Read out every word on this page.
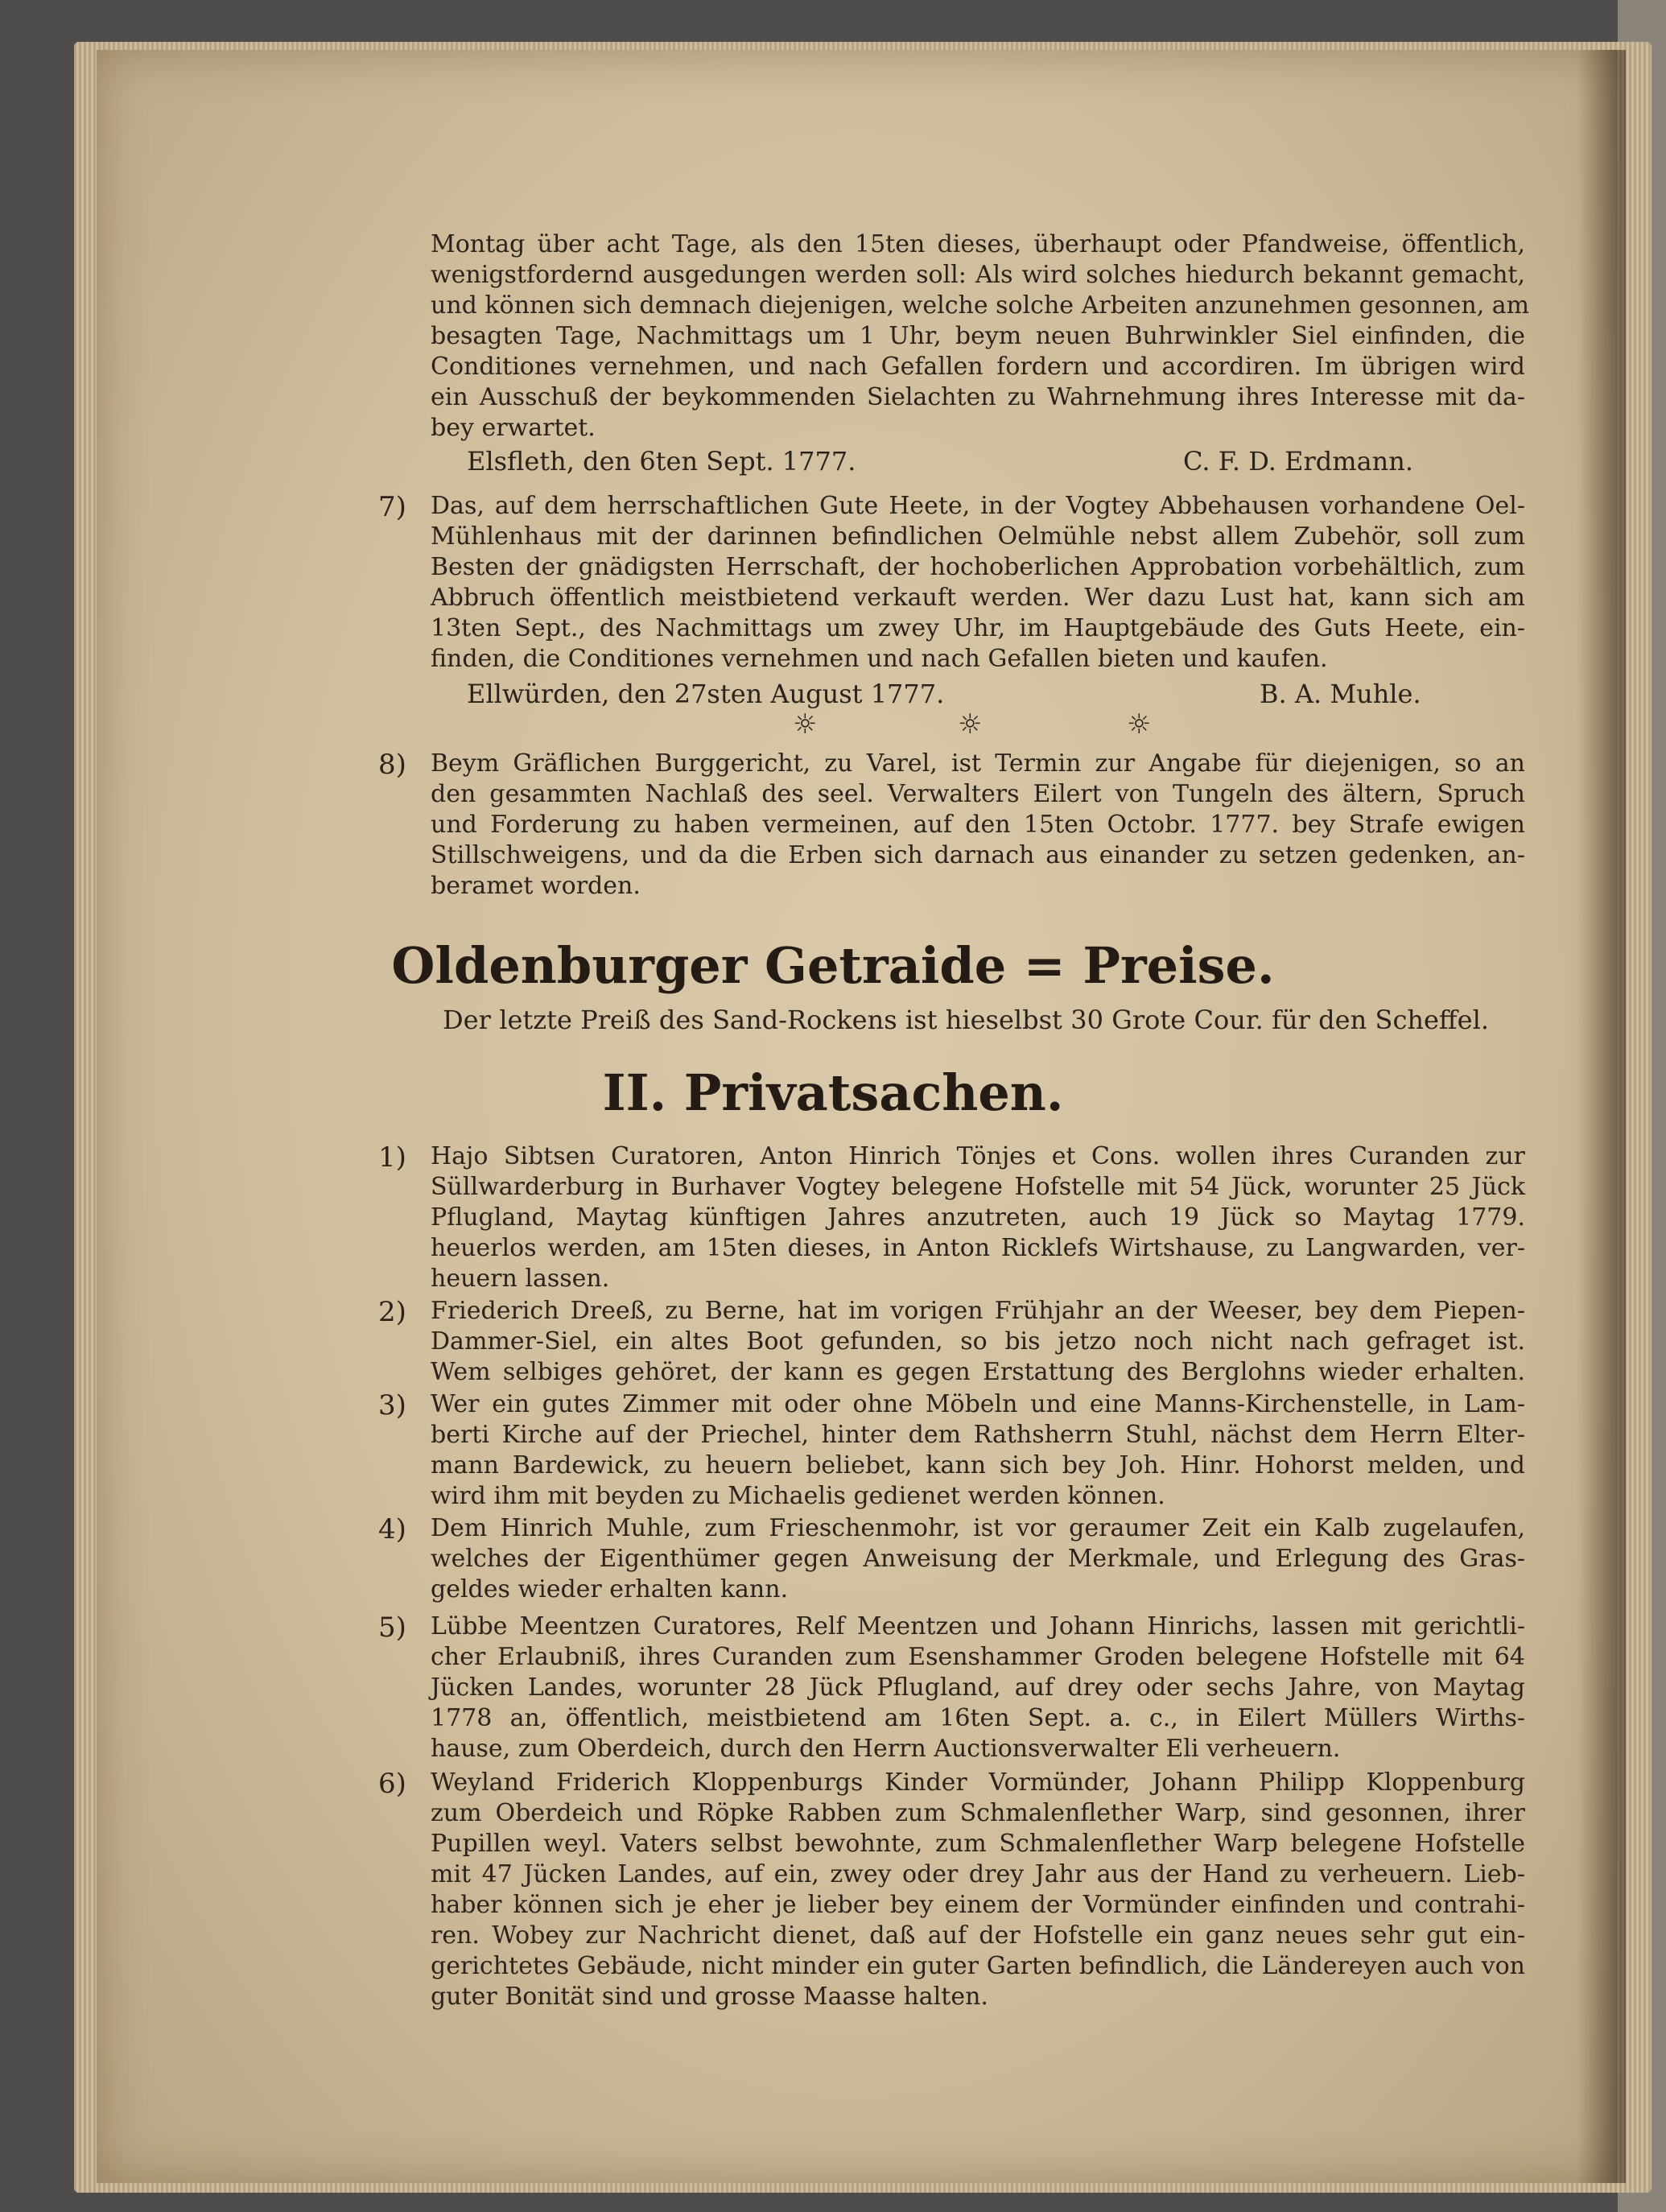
Montag über acht Tage, als den 15ten dieses, überhaupt oder Pfandweise, öffentlich,
wenigstfordernd ausgedungen werden soll: Als wird solches hiedurch bekannt gemacht,
und können sich demnach diejenigen, welche solche Arbeiten anzunehmen gesonnen, am
besagten Tage, Nachmittags um 1 Uhr, beym neuen Buhrwinkler Siel einfinden, die
Conditiones vernehmen, und nach Gefallen fordern und accordiren. Im übrigen wird
ein Ausschuß der beykommenden Sielachten zu Wahrnehmung ihres Interesse mit da-
bey erwartet.
Elsfleth, den 6ten Sept. 1777.	C. F. D. Erdmann.
7) Das, auf dem herrschaftlichen Gute Heete, in der Vogtey Abbehausen vorhandene Oel-
Mühlenhaus mit der darinnen befindlichen Oelmühle nebst allem Zubehör, soll zum
Besten der gnädigsten Herrschaft, der hochoberlichen Approbation vorbehältlich, zum
Abbruch öffentlich meistbietend verkauft werden. Wer dazu Lust hat, kann sich am
13ten Sept., des Nachmittags um zwey Uhr, im Hauptgebäude des Guts Heete, ein-
finden, die Conditiones vernehmen und nach Gefallen bieten und kaufen.
Ellwürden, den 27sten August 1777.	B. A. Muhle.
☼	☼	☼
8) Beym Gräflichen Burggericht, zu Varel, ist Termin zur Angabe für diejenigen, so an
den gesammten Nachlaß des seel. Verwalters Eilert von Tungeln des ältern, Spruch
und Forderung zu haben vermeinen, auf den 15ten Octobr. 1777. bey Strafe ewigen
Stillschweigens, und da die Erben sich darnach aus einander zu setzen gedenken, an-
beramet worden.
Oldenburger Getraide = Preise.
Der letzte Preiß des Sand-Rockens ist hieselbst 30 Grote Cour. für den Scheffel.
II. Privatsachen.
1) Hajo Sibtsen Curatoren, Anton Hinrich Tönjes et Cons. wollen ihres Curanden zur
Süllwarderburg in Burhaver Vogtey belegene Hofstelle mit 54 Jück, worunter 25 Jück
Pflugland, Maytag künftigen Jahres anzutreten, auch 19 Jück so Maytag 1779.
heuerlos werden, am 15ten dieses, in Anton Ricklefs Wirtshause, zu Langwarden, ver-
heuern lassen.
2) Friederich Dreeß, zu Berne, hat im vorigen Frühjahr an der Weeser, bey dem Piepen-
Dammer-Siel, ein altes Boot gefunden, so bis jetzo noch nicht nach gefraget ist.
Wem selbiges gehöret, der kann es gegen Erstattung des Berglohns wieder erhalten.
3) Wer ein gutes Zimmer mit oder ohne Möbeln und eine Manns-Kirchenstelle, in Lam-
berti Kirche auf der Priechel, hinter dem Rathsherrn Stuhl, nächst dem Herrn Elter-
mann Bardewick, zu heuern beliebet, kann sich bey Joh. Hinr. Hohorst melden, und
wird ihm mit beyden zu Michaelis gedienet werden können.
4) Dem Hinrich Muhle, zum Frieschenmohr, ist vor geraumer Zeit ein Kalb zugelaufen,
welches der Eigenthümer gegen Anweisung der Merkmale, und Erlegung des Gras-
geldes wieder erhalten kann.
5) Lübbe Meentzen Curatores, Relf Meentzen und Johann Hinrichs, lassen mit gerichtli-
cher Erlaubniß, ihres Curanden zum Esenshammer Groden belegene Hofstelle mit 64
Jücken Landes, worunter 28 Jück Pflugland, auf drey oder sechs Jahre, von Maytag
1778 an, öffentlich, meistbietend am 16ten Sept. a. c., in Eilert Müllers Wirths-
hause, zum Oberdeich, durch den Herrn Auctionsverwalter Eli verheuern.
6) Weyland Friderich Kloppenburgs Kinder Vormünder, Johann Philipp Kloppenburg
zum Oberdeich und Röpke Rabben zum Schmalenflether Warp, sind gesonnen, ihrer
Pupillen weyl. Vaters selbst bewohnte, zum Schmalenflether Warp belegene Hofstelle
mit 47 Jücken Landes, auf ein, zwey oder drey Jahr aus der Hand zu verheuern. Lieb-
haber können sich je eher je lieber bey einem der Vormünder einfinden und contrahi-
ren. Wobey zur Nachricht dienet, daß auf der Hofstelle ein ganz neues sehr gut ein-
gerichtetes Gebäude, nicht minder ein guter Garten befindlich, die Ländereyen auch von
guter Bonität sind und grosse Maasse halten.
